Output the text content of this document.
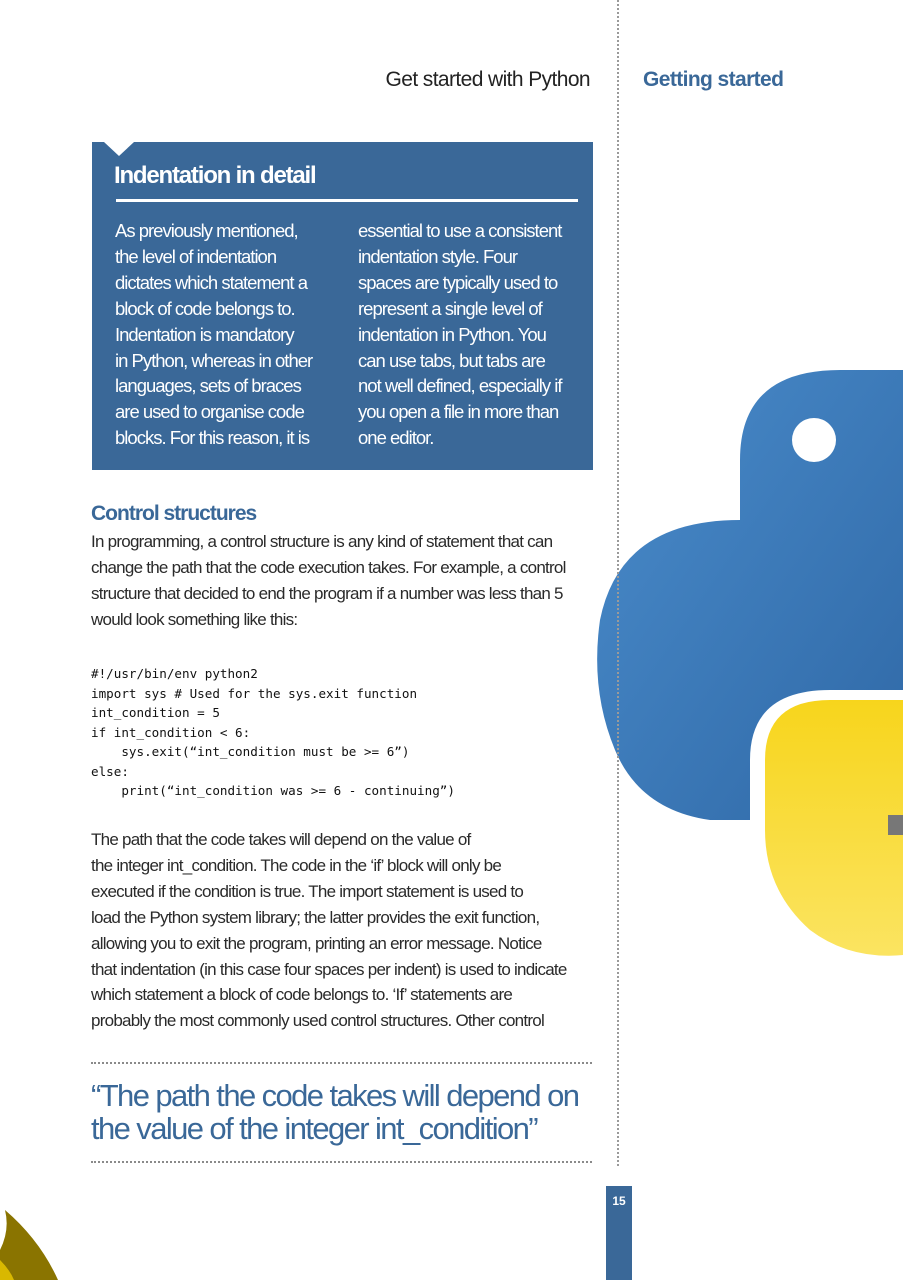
Get started with Python	Getting started
Indentation in detail

As previously mentioned,

the level of indentation

dictates which statement a

block of code belongs to.

Indentation is mandatory

in Python, whereas in other

languages, sets of braces

are used to organise code

blocks. For this reason, it is

essential to use a consistent

indentation style. Four

spaces are typically used to

represent a single level of

indentation in Python. You

can use tabs, but tabs are

not well defined, especially if

you open a file in more than

one editor.

Control structures

In programming, a control structure is any kind of statement that can

change the path that the code execution takes. For example, a control

structure that decided to end the program if a number was less than 5

would look something like this:

#!/usr/bin/env python2
import sys # Used for the sys.exit function
int_condition = 5
if int_condition < 6:
sys.exit(“int_condition must be >= 6”)
else:
print(“int_condition was >= 6 - continuing”)

The path that the code takes will depend on the value of

the integer int_condition. The code in the ‘if’ block will only be

executed if the condition is true. The import statement is used to

load the Python system library; the latter provides the exit function,

allowing you to exit the program, printing an error message. Notice

that indentation (in this case four spaces per indent) is used to indicate

which statement a block of code belongs to. ‘If’ statements are

probably the most commonly used control structures. Other control

“The path the code takes will depend on

the value of the integer int_condition”

15
